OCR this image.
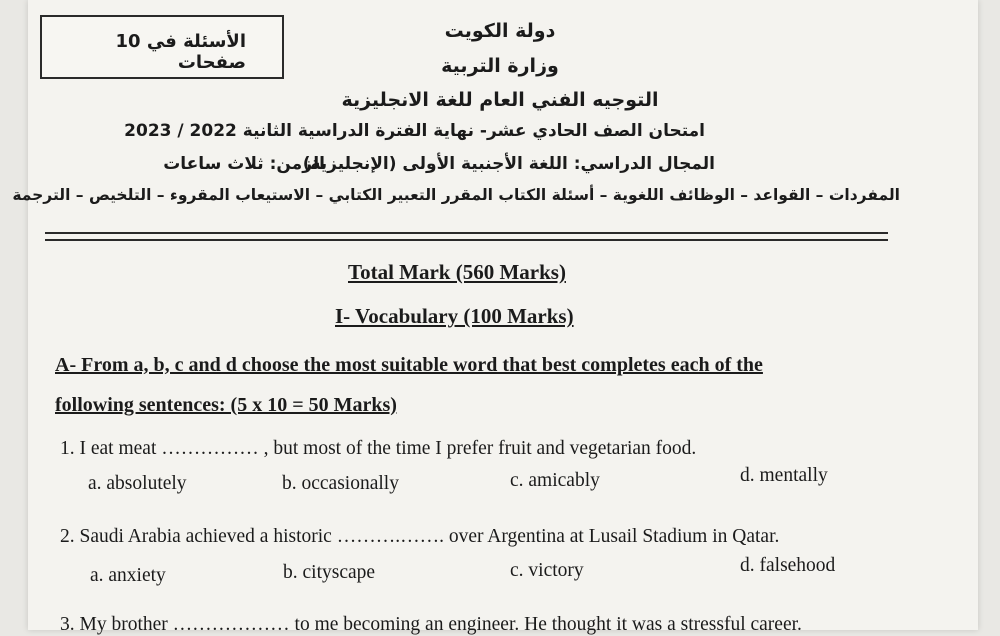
الأسئلة في 10 صفحات
دولة الكويت
وزارة التربية
التوجيه الفني العام للغة الانجليزية
امتحان الصف الحادي عشر- نهاية الفترة الدراسية الثانية 2022 / 2023
المجال الدراسي: اللغة الأجنبية الأولى (الإنجليزية)
الزمن: ثلاث ساعات
المفردات – القواعد – الوظائف اللغوية – أسئلة الكتاب المقرر التعبير الكتابي – الاستيعاب المقروء – التلخيص – الترجمة
Total Mark (560 Marks)
I- Vocabulary (100 Marks)
A- From a, b, c and d choose the most suitable word that best completes each of the
following sentences: (5 x 10 = 50 Marks)
1. I eat meat …………… , but most of the time I prefer fruit and vegetarian food.
a. absolutely	b. occasionally	c. amicably	d. mentally
2. Saudi Arabia achieved a historic ……….……. over Argentina at Lusail Stadium in Qatar.
a. anxiety	b. cityscape	c. victory	d. falsehood
3. My brother ……………… to me becoming an engineer. He thought it was a stressful career.
